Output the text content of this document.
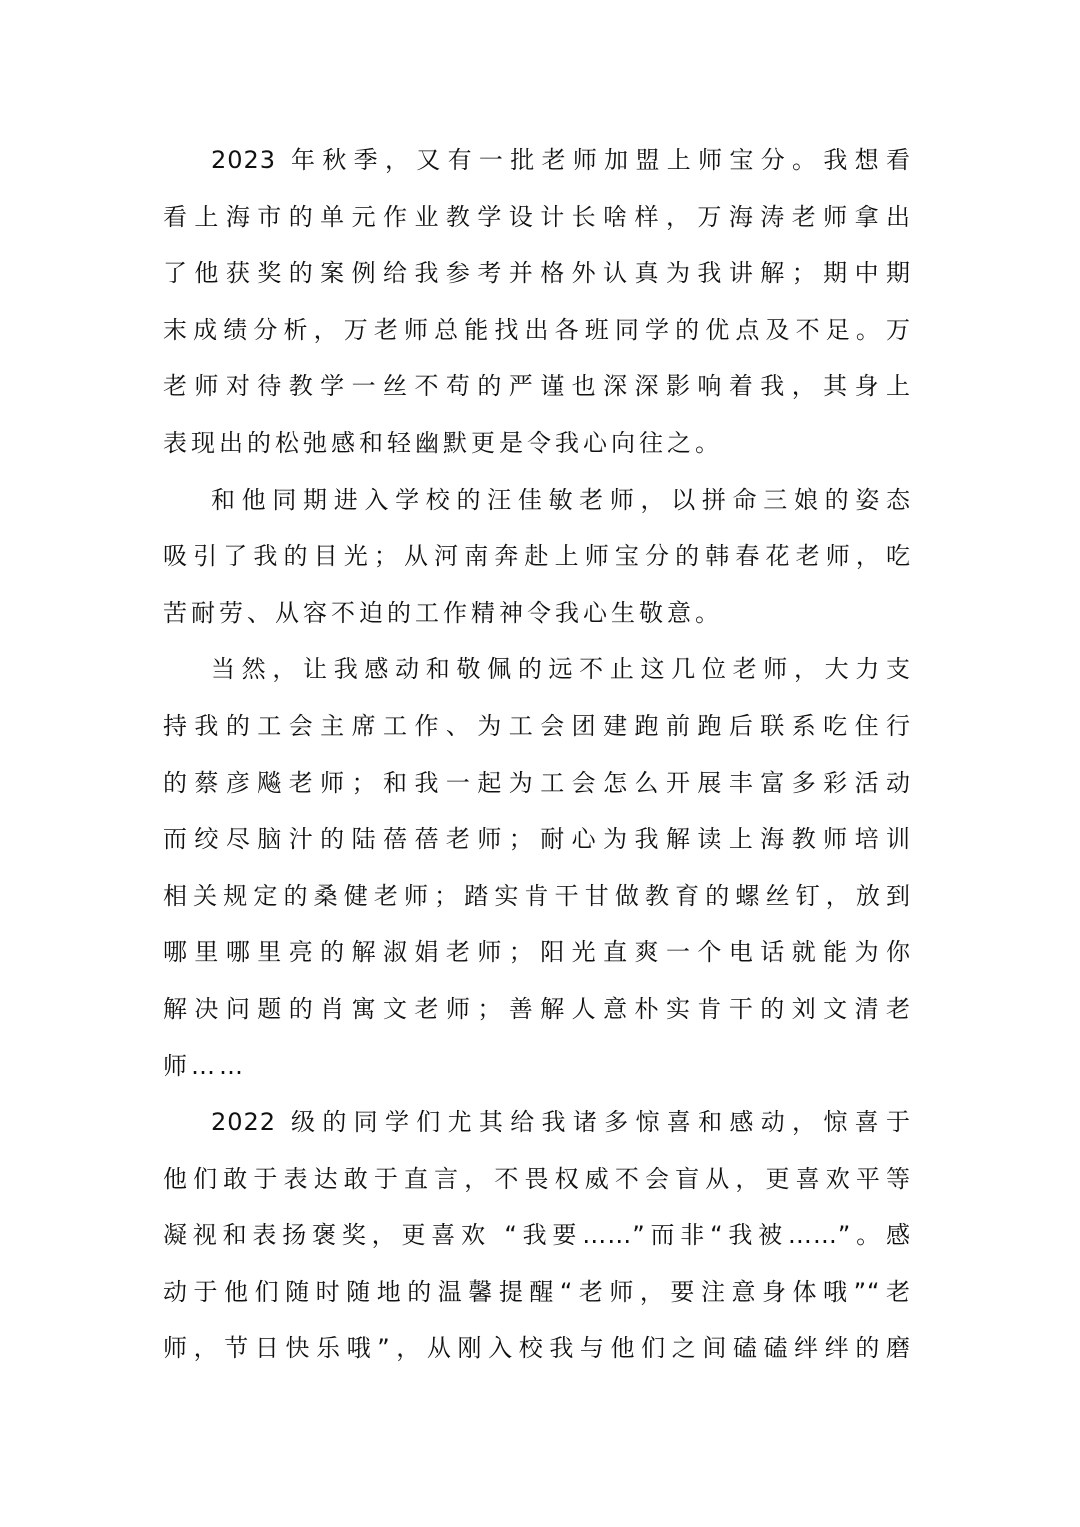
2023 年秋季，又有一批老师加盟上师宝分。我想看
看上海市的单元作业教学设计长啥样，万海涛老师拿出
了他获奖的案例给我参考并格外认真为我讲解；期中期
末成绩分析，万老师总能找出各班同学的优点及不足。万
老师对待教学一丝不苟的严谨也深深影响着我，其身上
表现出的松弛感和轻幽默更是令我心向往之。
和他同期进入学校的汪佳敏老师，以拼命三娘的姿态
吸引了我的目光；从河南奔赴上师宝分的韩春花老师，吃
苦耐劳、从容不迫的工作精神令我心生敬意。
当然，让我感动和敬佩的远不止这几位老师，大力支
持我的工会主席工作、为工会团建跑前跑后联系吃住行
的蔡彦飚老师；和我一起为工会怎么开展丰富多彩活动
而绞尽脑汁的陆蓓蓓老师；耐心为我解读上海教师培训
相关规定的桑健老师；踏实肯干甘做教育的螺丝钉，放到
哪里哪里亮的解淑娟老师；阳光直爽一个电话就能为你
解决问题的肖寓文老师；善解人意朴实肯干的刘文清老
师……
2022 级的同学们尤其给我诸多惊喜和感动，惊喜于
他们敢于表达敢于直言，不畏权威不会盲从，更喜欢平等
凝视和表扬褒奖，更喜欢 “我要……”而非“我被……”。感
动于他们随时随地的温馨提醒“老师，要注意身体哦”“老
师，节日快乐哦”，从刚入校我与他们之间磕磕绊绊的磨
